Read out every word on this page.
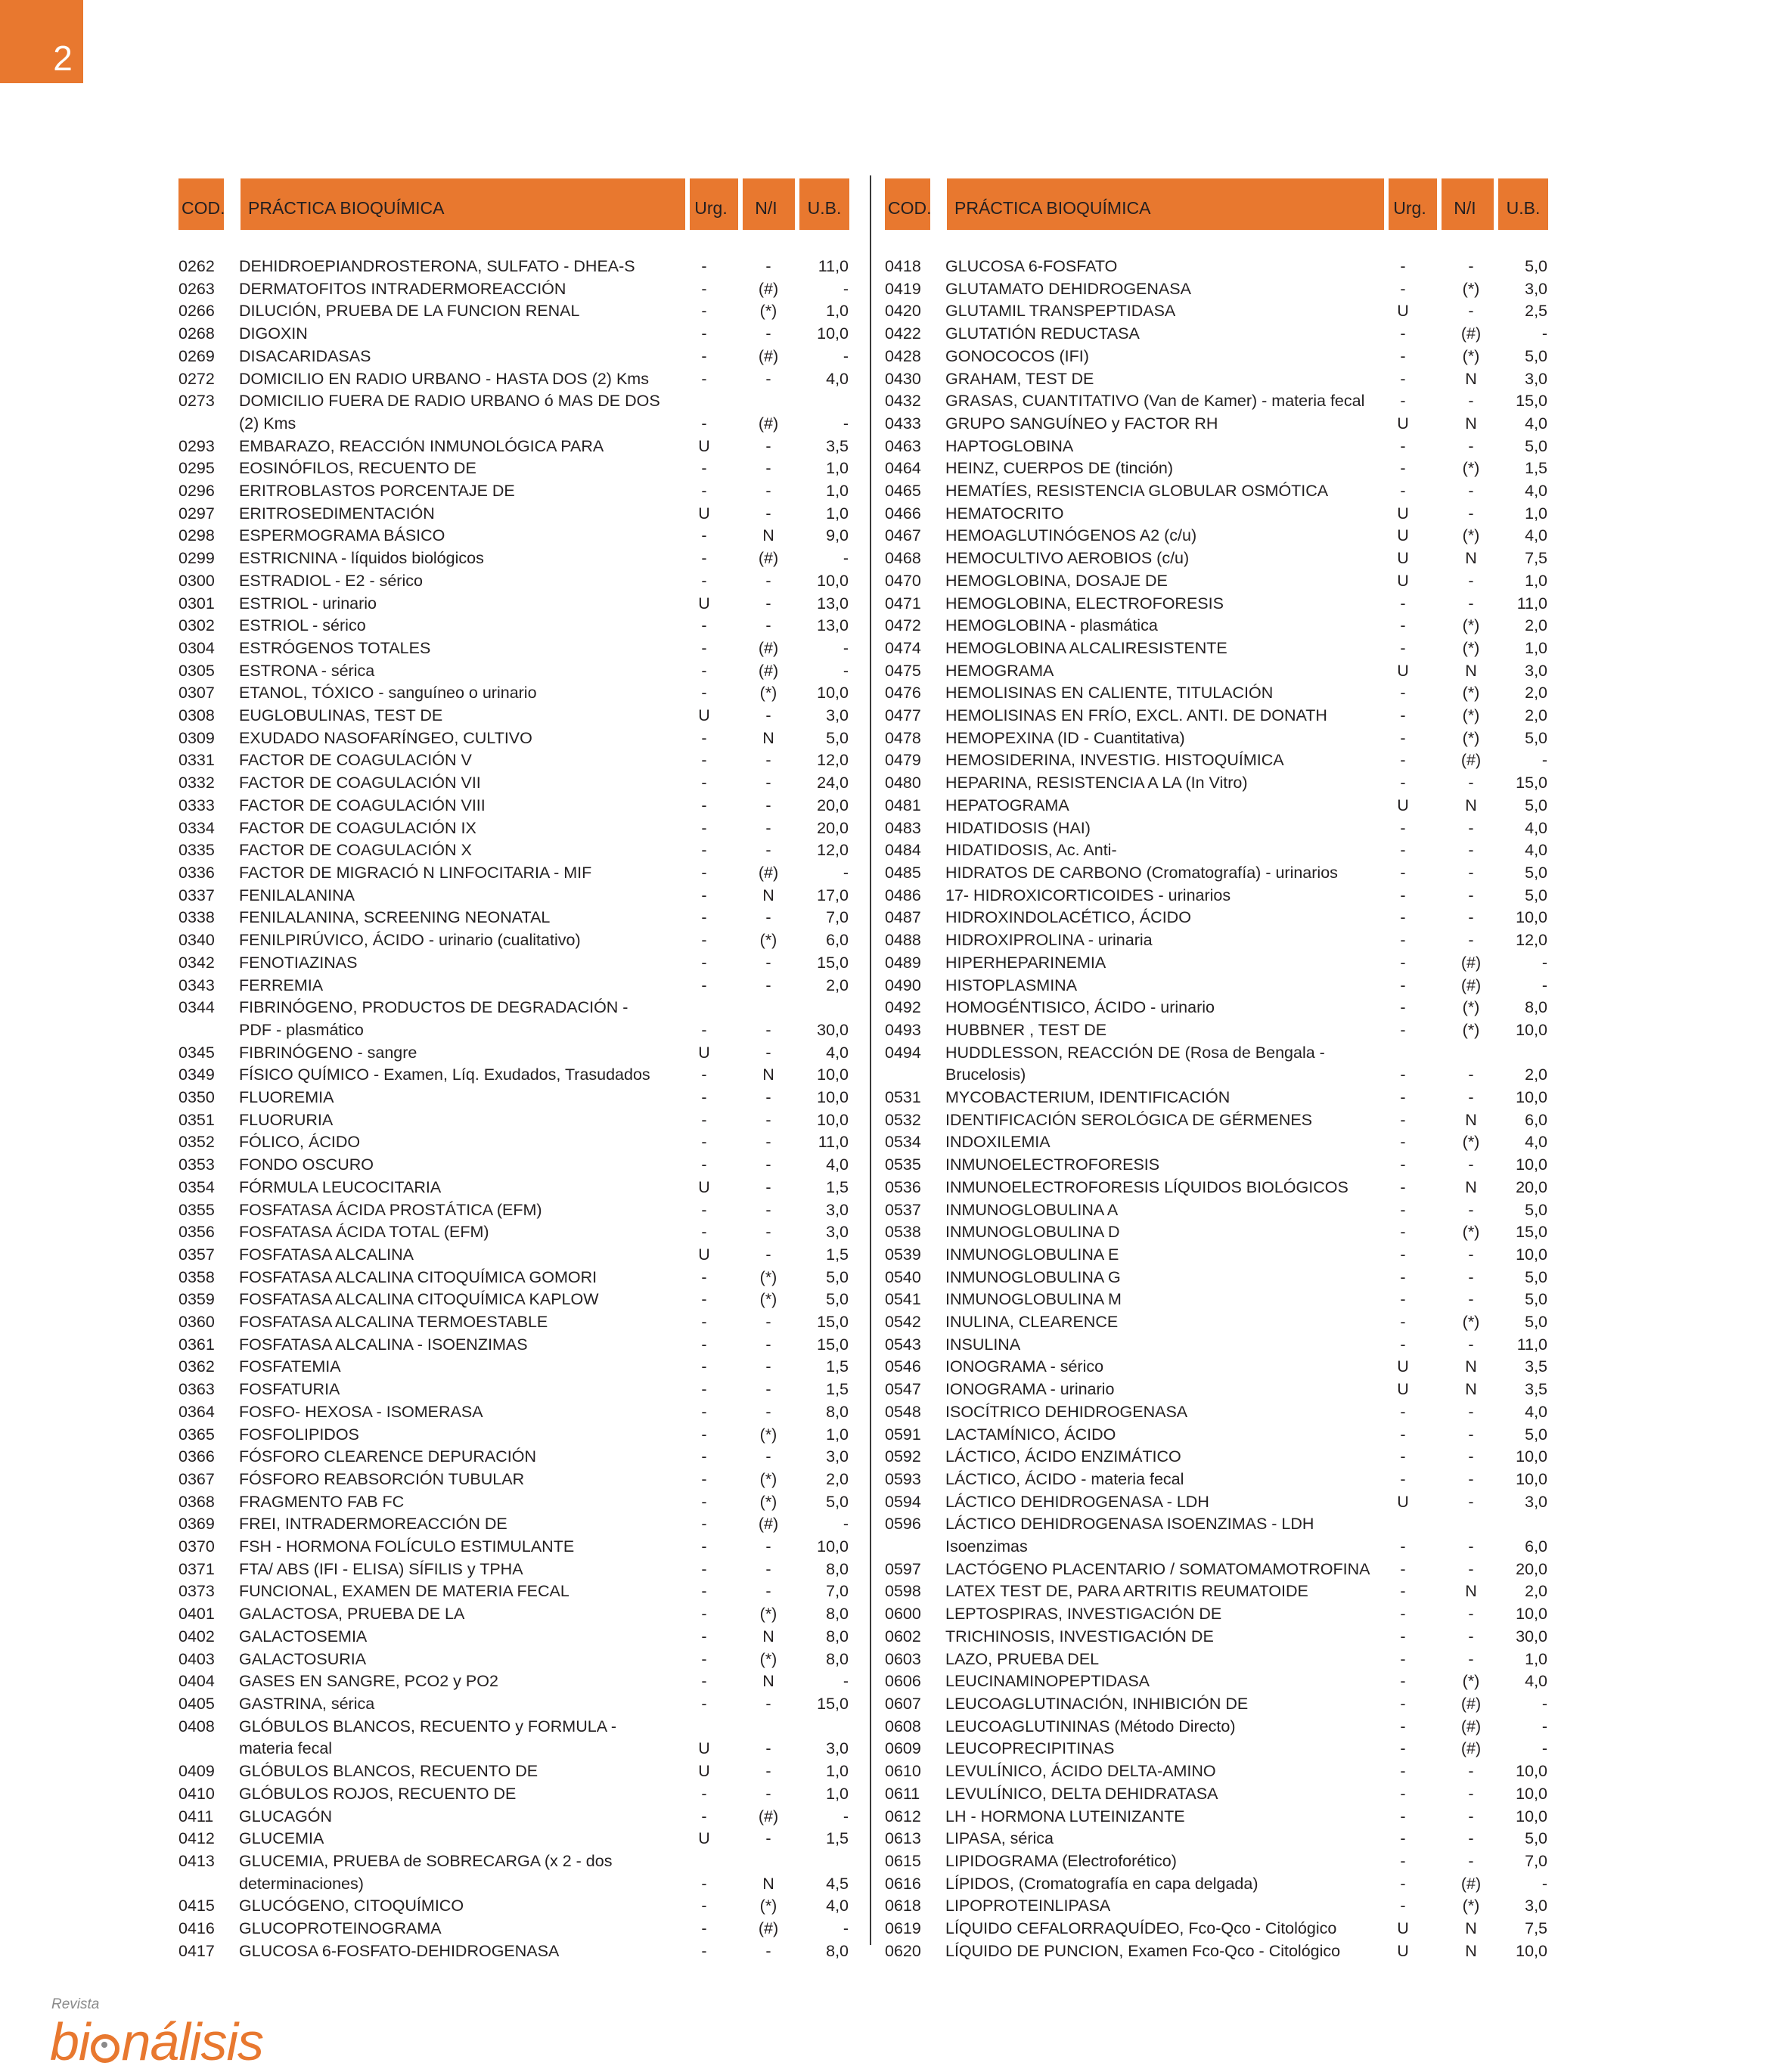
2
COD.	PRÁCTICA BIOQUÍMICA	Urg.	N/I	U.B.
0262	DEHIDROEPIANDROSTERONA, SULFATO - DHEA-S	-	-	11,0
0263	DERMATOFITOS INTRADERMOREACCIÓN	-	(#)	-
0266	DILUCIÓN, PRUEBA DE LA FUNCION RENAL	-	(*)	1,0
0268	DIGOXIN	-	-	10,0
0269	DISACARIDASAS	-	(#)	-
0272	DOMICILIO EN RADIO URBANO - HASTA DOS (2) Kms	-	-	4,0
0273	DOMICILIO FUERA DE RADIO URBANO ó MAS DE DOS (2) Kms	-	(#)	-
0293	EMBARAZO, REACCIÓN INMUNOLÓGICA PARA	U	-	3,5
0295	EOSINÓFILOS, RECUENTO DE	-	-	1,0
0296	ERITROBLASTOS PORCENTAJE DE	-	-	1,0
0297	ERITROSEDIMENTACIÓN	U	-	1,0
0298	ESPERMOGRAMA BÁSICO	-	N	9,0
0299	ESTRICNINA - líquidos biológicos	-	(#)	-
0300	ESTRADIOL - E2 - sérico	-	-	10,0
0301	ESTRIOL - urinario	U	-	13,0
0302	ESTRIOL - sérico	-	-	13,0
0304	ESTRÓGENOS TOTALES	-	(#)	-
0305	ESTRONA - sérica	-	(#)	-
0307	ETANOL, TÓXICO - sanguíneo o urinario	-	(*)	10,0
0308	EUGLOBULINAS, TEST DE	U	-	3,0
0309	EXUDADO NASOFARÍNGEO, CULTIVO	-	N	5,0
0331	FACTOR DE COAGULACIÓN V	-	-	12,0
0332	FACTOR DE COAGULACIÓN VII	-	-	24,0
0333	FACTOR DE COAGULACIÓN VIII	-	-	20,0
0334	FACTOR DE COAGULACIÓN IX	-	-	20,0
0335	FACTOR DE COAGULACIÓN X	-	-	12,0
0336	FACTOR DE MIGRACIÓ N LINFOCITARIA - MIF	-	(#)	-
0337	FENILALANINA	-	N	17,0
0338	FENILALANINA, SCREENING NEONATAL	-	-	7,0
0340	FENILPIRÚVICO, ÁCIDO - urinario (cualitativo)	-	(*)	6,0
0342	FENOTIAZINAS	-	-	15,0
0343	FERREMIA	-	-	2,0
0344	FIBRINÓGENO, PRODUCTOS DE DEGRADACIÓN - PDF - plasmático	-	-	30,0
0345	FIBRINÓGENO - sangre	U	-	4,0
0349	FÍSICO QUÍMICO - Examen, Líq. Exudados, Trasudados	-	N	10,0
0350	FLUOREMIA	-	-	10,0
0351	FLUORURIA	-	-	10,0
0352	FÓLICO, ÁCIDO	-	-	11,0
0353	FONDO OSCURO	-	-	4,0
0354	FÓRMULA LEUCOCITARIA	U	-	1,5
0355	FOSFATASA ÁCIDA PROSTÁTICA (EFM)	-	-	3,0
0356	FOSFATASA ÁCIDA TOTAL (EFM)	-	-	3,0
0357	FOSFATASA ALCALINA	U	-	1,5
0358	FOSFATASA ALCALINA CITOQUÍMICA GOMORI	-	(*)	5,0
0359	FOSFATASA ALCALINA CITOQUÍMICA KAPLOW	-	(*)	5,0
0360	FOSFATASA ALCALINA TERMOESTABLE	-	-	15,0
0361	FOSFATASA ALCALINA - ISOENZIMAS	-	-	15,0
0362	FOSFATEMIA	-	-	1,5
0363	FOSFATURIA	-	-	1,5
0364	FOSFO- HEXOSA - ISOMERASA	-	-	8,0
0365	FOSFOLIPIDOS	-	(*)	1,0
0366	FÓSFORO CLEARENCE DEPURACIÓN	-	-	3,0
0367	FÓSFORO REABSORCIÓN TUBULAR	-	(*)	2,0
0368	FRAGMENTO FAB FC	-	(*)	5,0
0369	FREI, INTRADERMOREACCIÓN DE	-	(#)	-
0370	FSH - HORMONA FOLÍCULO ESTIMULANTE	-	-	10,0
0371	FTA/ ABS (IFI - ELISA) SÍFILIS y TPHA	-	-	8,0
0373	FUNCIONAL, EXAMEN DE MATERIA FECAL	-	-	7,0
0401	GALACTOSA, PRUEBA DE LA	-	(*)	8,0
0402	GALACTOSEMIA	-	N	8,0
0403	GALACTOSURIA	-	(*)	8,0
0404	GASES EN SANGRE, PCO2 y PO2	-	N	-
0405	GASTRINA, sérica	-	-	15,0
0408	GLÓBULOS BLANCOS, RECUENTO y FORMULA - materia fecal	U	-	3,0
0409	GLÓBULOS BLANCOS, RECUENTO DE	U	-	1,0
0410	GLÓBULOS ROJOS, RECUENTO DE	-	-	1,0
0411	GLUCAGÓN	-	(#)	-
0412	GLUCEMIA	U	-	1,5
0413	GLUCEMIA, PRUEBA de SOBRECARGA (x 2 - dos determinaciones)	-	N	4,5
0415	GLUCÓGENO, CITOQUÍMICO	-	(*)	4,0
0416	GLUCOPROTEINOGRAMA	-	(#)	-
0417	GLUCOSA 6-FOSFATO-DEHIDROGENASA	-	-	8,0
COD.	PRÁCTICA BIOQUÍMICA	Urg.	N/I	U.B.
0418	GLUCOSA 6-FOSFATO	-	-	5,0
0419	GLUTAMATO DEHIDROGENASA	-	(*)	3,0
0420	GLUTAMIL TRANSPEPTIDASA	U	-	2,5
0422	GLUTATIÓN REDUCTASA	-	(#)	-
0428	GONOCOCOS (IFI)	-	(*)	5,0
0430	GRAHAM, TEST DE	-	N	3,0
0432	GRASAS, CUANTITATIVO (Van de Kamer) - materia fecal	-	-	15,0
0433	GRUPO SANGUÍNEO y FACTOR RH	U	N	4,0
0463	HAPTOGLOBINA	-	-	5,0
0464	HEINZ, CUERPOS DE (tinción)	-	(*)	1,5
0465	HEMATÍES, RESISTENCIA GLOBULAR OSMÓTICA	-	-	4,0
0466	HEMATOCRITO	U	-	1,0
0467	HEMOAGLUTINÓGENOS A2 (c/u)	U	(*)	4,0
0468	HEMOCULTIVO AEROBIOS (c/u)	U	N	7,5
0470	HEMOGLOBINA, DOSAJE DE	U	-	1,0
0471	HEMOGLOBINA, ELECTROFORESIS	-	-	11,0
0472	HEMOGLOBINA - plasmática	-	(*)	2,0
0474	HEMOGLOBINA ALCALIRESISTENTE	-	(*)	1,0
0475	HEMOGRAMA	U	N	3,0
0476	HEMOLISINAS EN CALIENTE, TITULACIÓN	-	(*)	2,0
0477	HEMOLISINAS EN FRÍO, EXCL. ANTI. DE DONATH	-	(*)	2,0
0478	HEMOPEXINA (ID - Cuantitativa)	-	(*)	5,0
0479	HEMOSIDERINA, INVESTIG. HISTOQUÍMICA	-	(#)	-
0480	HEPARINA, RESISTENCIA A LA (In Vitro)	-	-	15,0
0481	HEPATOGRAMA	U	N	5,0
0483	HIDATIDOSIS (HAI)	-	-	4,0
0484	HIDATIDOSIS, Ac. Anti-	-	-	4,0
0485	HIDRATOS DE CARBONO (Cromatografía) - urinarios	-	-	5,0
0486	17- HIDROXICORTICOIDES - urinarios	-	-	5,0
0487	HIDROXINDOLACÉTICO, ÁCIDO	-	-	10,0
0488	HIDROXIPROLINA - urinaria	-	-	12,0
0489	HIPERHEPARINEMIA	-	(#)	-
0490	HISTOPLASMINA	-	(#)	-
0492	HOMOGÉNTISICO, ÁCIDO - urinario	-	(*)	8,0
0493	HUBBNER , TEST DE	-	(*)	10,0
0494	HUDDLESSON, REACCIÓN DE (Rosa de Bengala - Brucelosis)	-	-	2,0
0531	MYCOBACTERIUM, IDENTIFICACIÓN	-	-	10,0
0532	IDENTIFICACIÓN SEROLÓGICA DE GÉRMENES	-	N	6,0
0534	INDOXILEMIA	-	(*)	4,0
0535	INMUNOELECTROFORESIS	-	-	10,0
0536	INMUNOELECTROFORESIS LÍQUIDOS BIOLÓGICOS	-	N	20,0
0537	INMUNOGLOBULINA A	-	-	5,0
0538	INMUNOGLOBULINA D	-	(*)	15,0
0539	INMUNOGLOBULINA E	-	-	10,0
0540	INMUNOGLOBULINA G	-	-	5,0
0541	INMUNOGLOBULINA M	-	-	5,0
0542	INULINA, CLEARENCE	-	(*)	5,0
0543	INSULINA	-	-	11,0
0546	IONOGRAMA - sérico	U	N	3,5
0547	IONOGRAMA - urinario	U	N	3,5
0548	ISOCÍTRICO DEHIDROGENASA	-	-	4,0
0591	LACTAMÍNICO, ÁCIDO	-	-	5,0
0592	LÁCTICO, ÁCIDO ENZIMÁTICO	-	-	10,0
0593	LÁCTICO, ÁCIDO - materia fecal	-	-	10,0
0594	LÁCTICO DEHIDROGENASA - LDH	U	-	3,0
0596	LÁCTICO DEHIDROGENASA ISOENZIMAS - LDH Isoenzimas	-	-	6,0
0597	LACTÓGENO PLACENTARIO / SOMATOMAMOTROFINA	-	-	20,0
0598	LATEX TEST DE, PARA ARTRITIS REUMATOIDE	-	N	2,0
0600	LEPTOSPIRAS, INVESTIGACIÓN DE	-	-	10,0
0602	TRICHINOSIS, INVESTIGACIÓN DE	-	-	30,0
0603	LAZO, PRUEBA DEL	-	-	1,0
0606	LEUCINAMINOPEPTIDASA	-	(*)	4,0
0607	LEUCOAGLUTINACIÓN, INHIBICIÓN DE	-	(#)	-
0608	LEUCOAGLUTININAS (Método Directo)	-	(#)	-
0609	LEUCOPRECIPITINAS	-	(#)	-
0610	LEVULÍNICO, ÁCIDO DELTA-AMINO	-	-	10,0
0611	LEVULÍNICO, DELTA DEHIDRATASA	-	-	10,0
0612	LH - HORMONA LUTEINIZANTE	-	-	10,0
0613	LIPASA, sérica	-	-	5,0
0615	LIPIDOGRAMA (Electroforético)	-	-	7,0
0616	LÍPIDOS, (Cromatografía en capa delgada)	-	(#)	-
0618	LIPOPROTEINLIPASA	-	(*)	3,0
0619	LÍQUIDO CEFALORRAQUÍDEO, Fco-Qco - Citológico	U	N	7,5
0620	LÍQUIDO DE PUNCION, Examen Fco-Qco - Citológico	U	N	10,0
Revista
bi nálisis
